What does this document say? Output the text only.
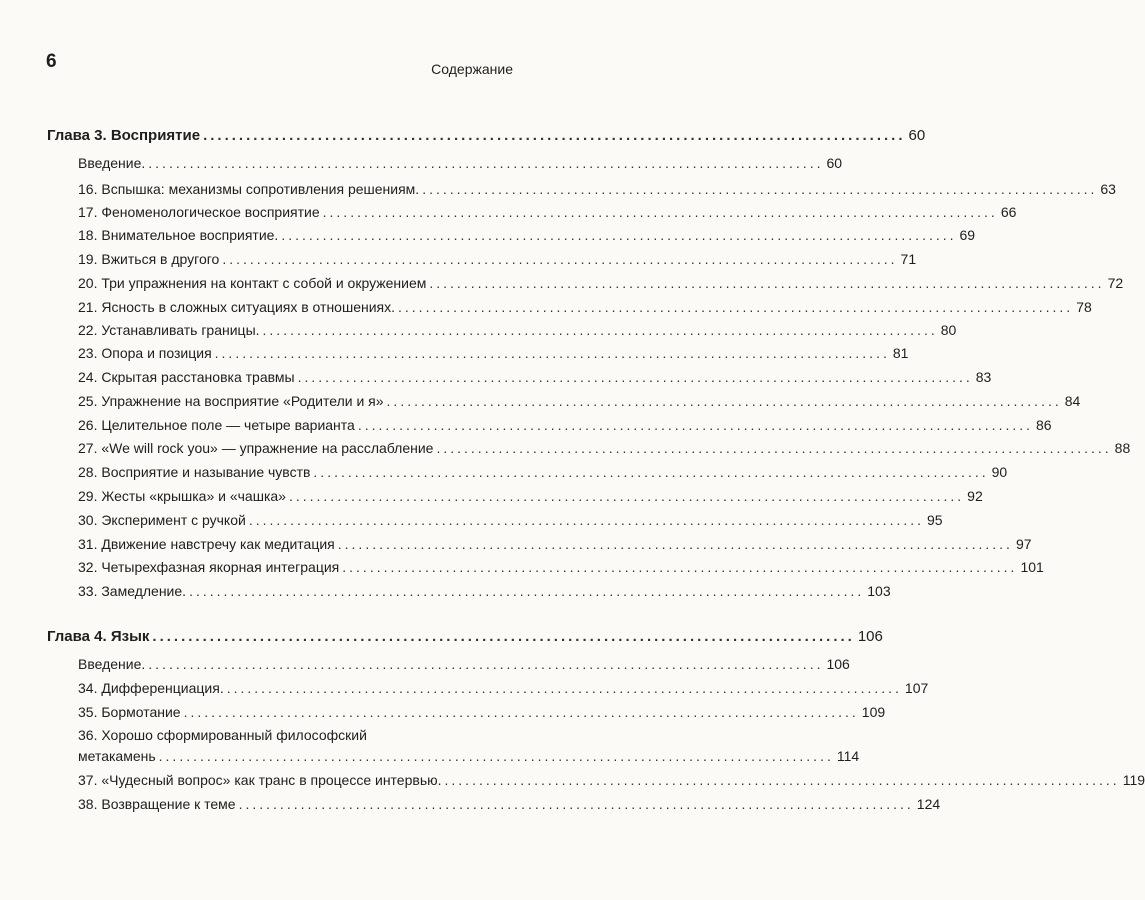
6	Содержание
Глава 3. Восприятие .................................................................................................. 60
Введение. .................................................................................................. 60
16. Вспышка: механизмы сопротивления решениям. .................................................................................................. 63
17. Феноменологическое восприятие .................................................................................................. 66
18. Внимательное восприятие. .................................................................................................. 69
19. Вжиться в другого .................................................................................................. 71
20. Три упражнения на контакт с собой и окружением .................................................................................................. 72
21. Ясность в сложных ситуациях в отношениях. .................................................................................................. 78
22. Устанавливать границы. .................................................................................................. 80
23. Опора и позиция .................................................................................................. 81
24. Скрытая расстановка травмы .................................................................................................. 83
25. Упражнение на восприятие «Родители и я» .................................................................................................. 84
26. Целительное поле — четыре варианта .................................................................................................. 86
27. «We will rock you» — упражнение на расслабление .................................................................................................. 88
28. Восприятие и называние чувств .................................................................................................. 90
29. Жесты «крышка» и «чашка» .................................................................................................. 92
30. Эксперимент с ручкой .................................................................................................. 95
31. Движение навстречу как медитация .................................................................................................. 97
32. Четырехфазная якорная интеграция .................................................................................................. 101
33. Замедление. .................................................................................................. 103
Глава 4. Язык .................................................................................................. 106
Введение. .................................................................................................. 106
34. Дифференциация. .................................................................................................. 107
35. Бормотание .................................................................................................. 109
36. Хорошо сформированный философский
метакамень .................................................................................................. 114
37. «Чудесный вопрос» как транс в процессе интервью. .................................................................................................. 119
38. Возвращение к теме .................................................................................................. 124
